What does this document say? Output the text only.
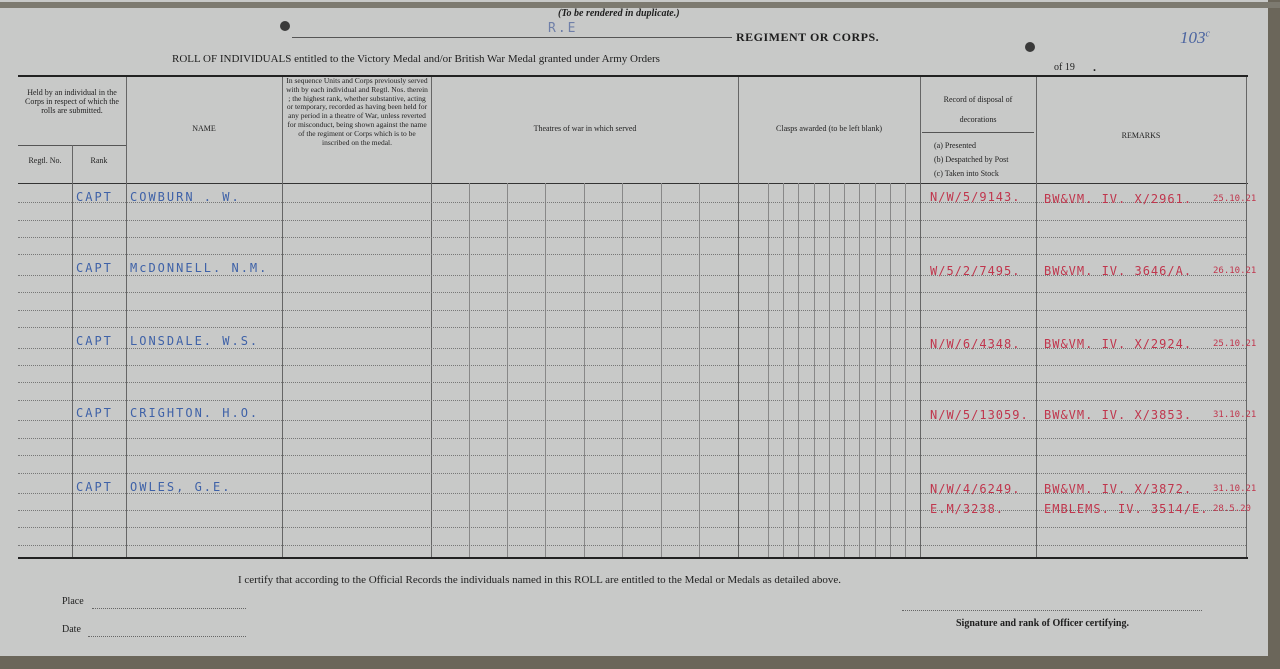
(To be rendered in duplicate.)
R.E
REGIMENT OR CORPS.
ROLL OF INDIVIDUALS entitled to the Victory Medal and/or British War Medal granted under Army Orders
of 19 .
103$^c$
Held by an individual in the Corps in respect of which the rolls are submitted.
Regtl. No.	Rank
NAME
In sequence Units and Corps previously served with by each individual and Regtl. Nos. therein ; the highest rank, whether substantive, acting or temporary, recorded as having been held for any period in a theatre of War, unless reverted for misconduct, being shown against the name of the regiment or Corps which is to be inscribed on the medal.
Theatres of war in which served	Clasps awarded (to be left blank)
Record of disposal of decorations
(a) Presented
(b) Despatched by Post
(c) Taken into Stock
REMARKS
CAPT COWBURN . W.	N/W/5/9143. BW&VM. IV. X/2961. 25.10.21
CAPT McDONNELL. N.M.	W/5/2/7495. BW&VM. IV. 3646/A. 26.10.21
CAPT LONSDALE. W.S.	N/W/6/4348. BW&VM. IV. X/2924. 25.10.21
CAPT CRIGHTON. H.O.	N/W/5/13059. BW&VM. IV. X/3853. 31.10.21
CAPT OWLES, G.E.	N/W/4/6249. BW&VM. IV. X/3872. 31.10.21
E.M/3238.	EMBLEMS. IV. 3514/E. 28.5.20
I certify that according to the Official Records the individuals named in this ROLL are entitled to the Medal or Medals as detailed above.
Place
Date
Signature and rank of Officer certifying.
